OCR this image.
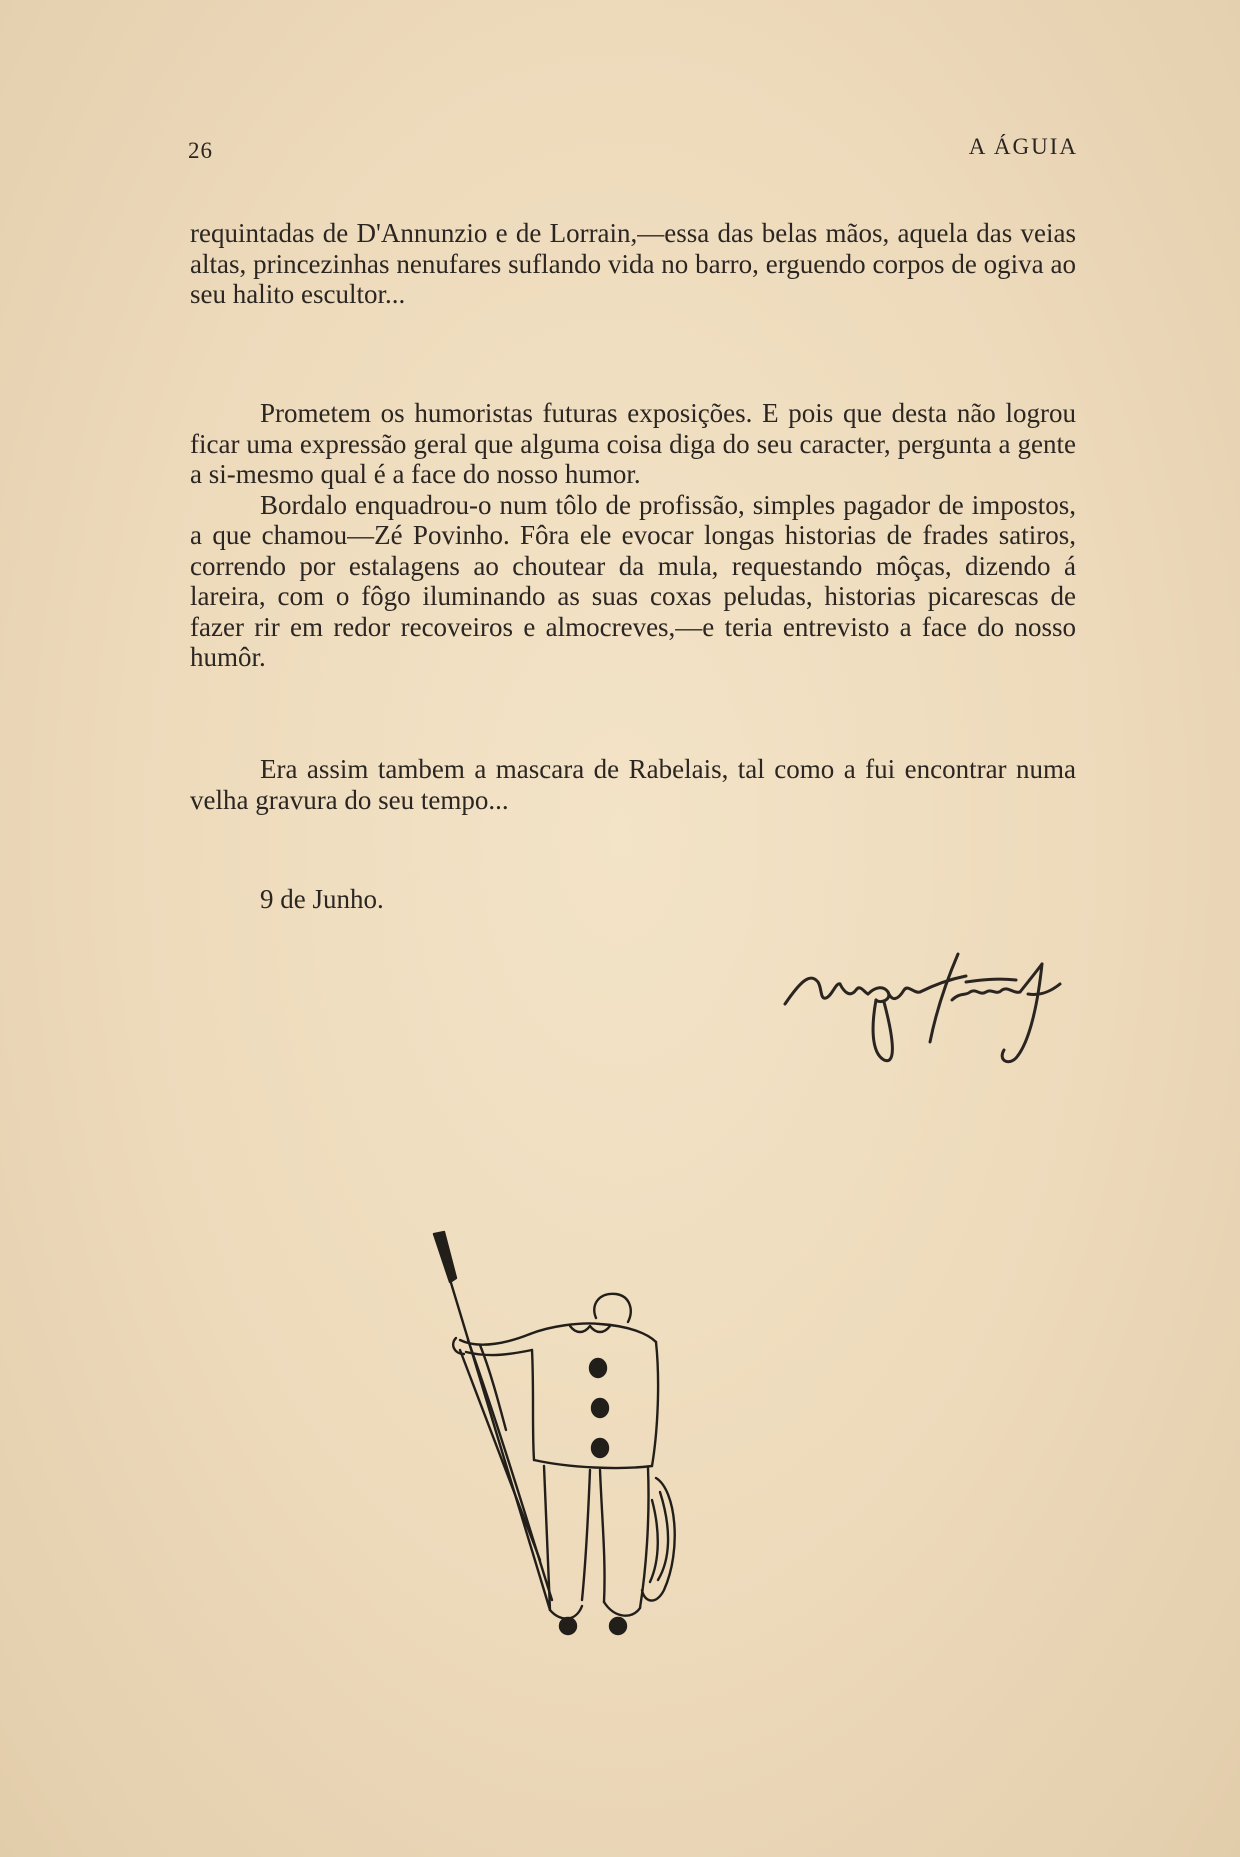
26	A ÁGUIA

requintadas de D'Annunzio e de Lorrain,—essa das belas mãos, aquela das veias altas, princezinhas nenufares suflando vida no barro, erguendo corpos de ogiva ao seu halito escultor...

Prometem os humoristas futuras exposições. E pois que desta não logrou ficar uma expressão geral que alguma coisa diga do seu caracter, pergunta a gente a si-mesmo qual é a face do nosso humor.

Bordalo enquadrou-o num tôlo de profissão, simples pagador de impostos, a que chamou—Zé Povinho. Fôra ele evocar longas historias de frades satiros, correndo por estalagens ao choutear da mula, requestando môças, dizendo á lareira, com o fôgo iluminando as suas coxas peludas, historias picarescas de fazer rir em redor recoveiros e almocreves,—e teria entrevisto a face do nosso humôr.

Era assim tambem a mascara de Rabelais, tal como a fui encontrar numa velha gravura do seu tempo...

9 de Junho.
